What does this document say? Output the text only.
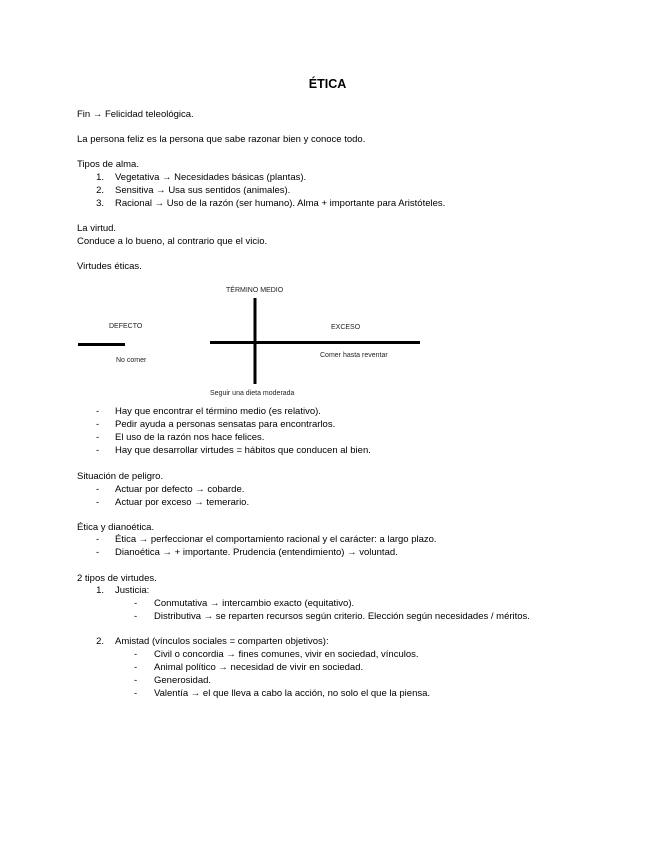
ÉTICA
Fin → Felicidad teleológica.
La persona feliz es la persona que sabe razonar bien y conoce todo.
Tipos de alma.
1. Vegetativa → Necesidades básicas (plantas).
2. Sensitiva → Usa sus sentidos (animales).
3. Racional → Uso de la razón (ser humano). Alma + importante para Aristóteles.
La virtud.
Conduce a lo bueno, al contrario que el vicio.
Virtudes éticas.
TÉRMINO MEDIO
DEFECTO	EXCESO
No comer
Comer hasta reventar
Seguir una dieta moderada
- Hay que encontrar el término medio (es relativo).
- Pedir ayuda a personas sensatas para encontrarlos.
- El uso de la razón nos hace felices.
- Hay que desarrollar virtudes = hábitos que conducen al bien.
Situación de peligro.
- Actuar por defecto → cobarde.
- Actuar por exceso → temerario.
Ética y dianoética.
- Ética → perfeccionar el comportamiento racional y el carácter: a largo plazo.
- Dianoética → + importante. Prudencia (entendimiento) → voluntad.
2 tipos de virtudes.
1. Justicia:
- Conmutativa → intercambio exacto (equitativo).
- Distributiva → se reparten recursos según criterio. Elección según necesidades / méritos.
2. Amistad (vínculos sociales = comparten objetivos):
- Civil o concordia → fines comunes, vivir en sociedad, vínculos.
- Animal político → necesidad de vivir en sociedad.
- Generosidad.
- Valentía → el que lleva a cabo la acción, no solo el que la piensa.
